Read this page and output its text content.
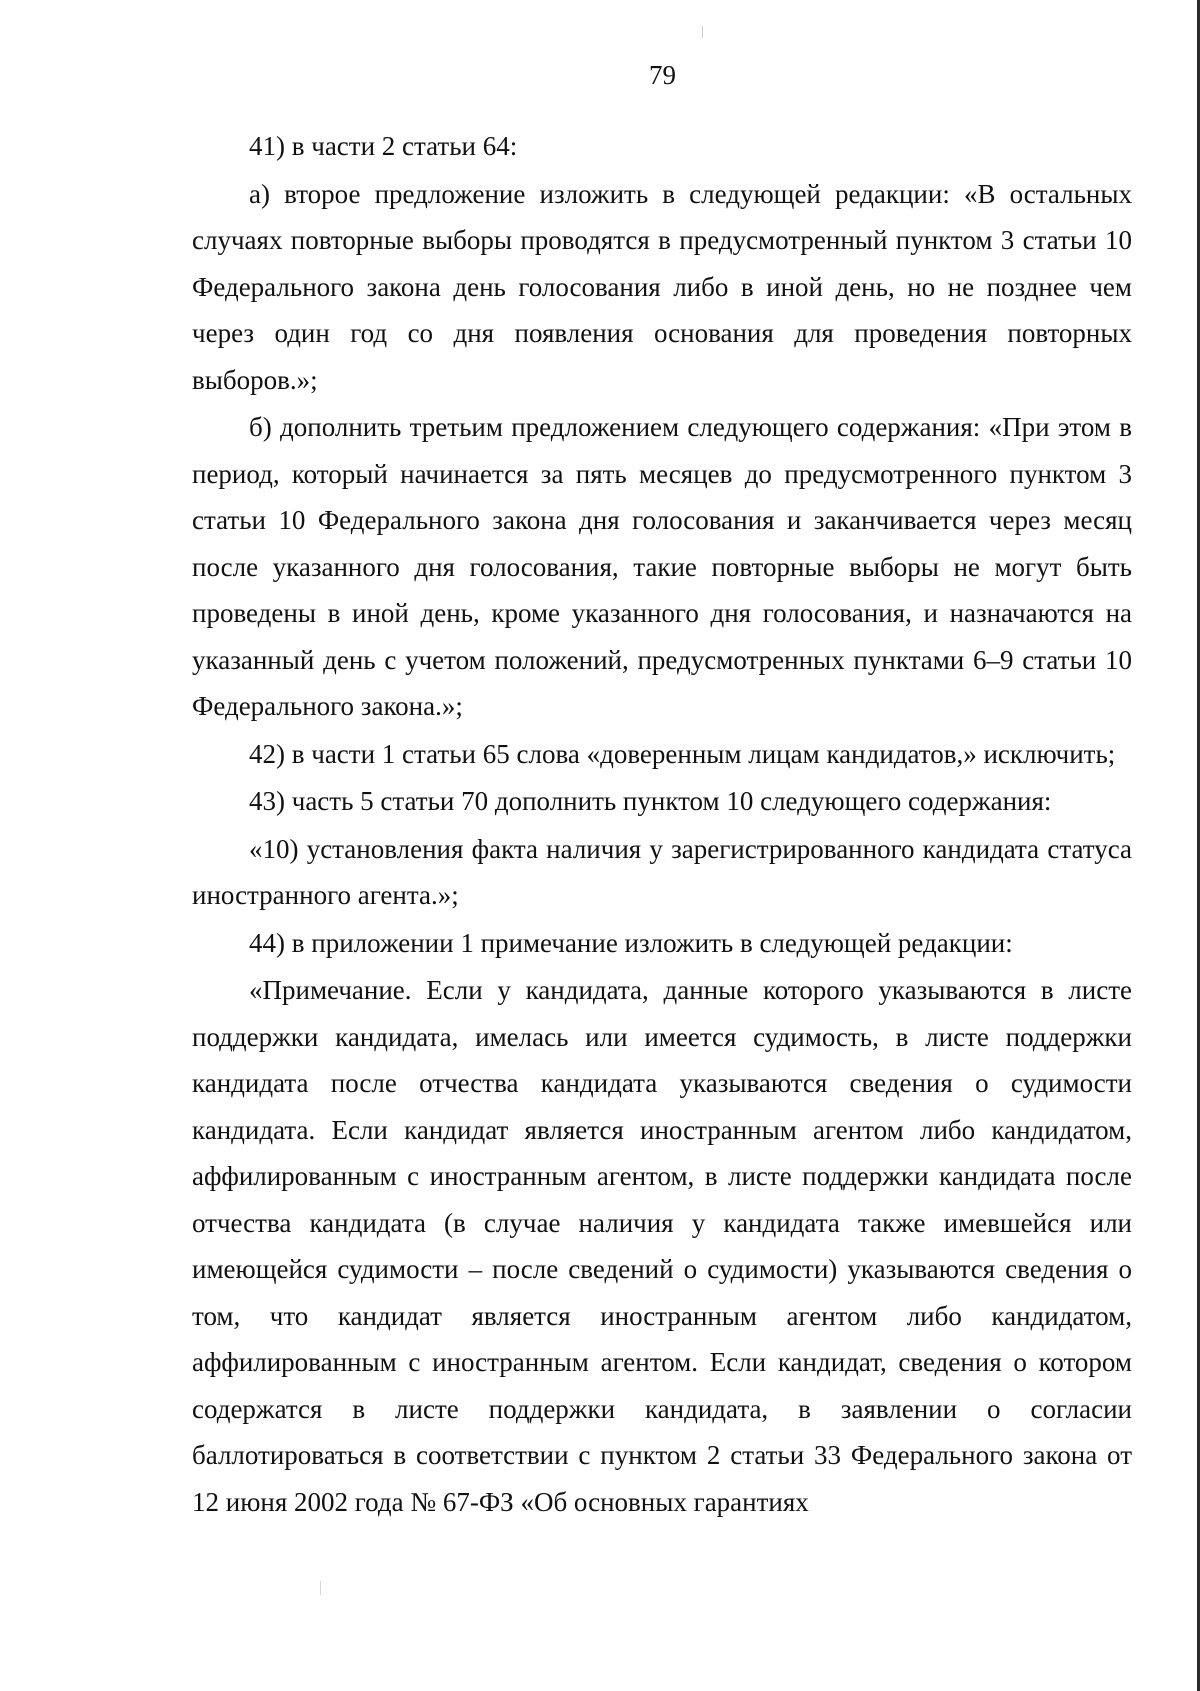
79

41) в части 2 статьи 64:

а) второе предложение изложить в следующей редакции: «В остальных случаях повторные выборы проводятся в предусмотренный пунктом 3 статьи 10 Федерального закона день голосования либо в иной день, но не позднее чем через один год со дня появления основания для проведения повторных выборов.»;

б) дополнить третьим предложением следующего содержания: «При этом в период, который начинается за пять месяцев до предусмотренного пунктом 3 статьи 10 Федерального закона дня голосования и заканчивается через месяц после указанного дня голосования, такие повторные выборы не могут быть проведены в иной день, кроме указанного дня голосования, и назначаются на указанный день с учетом положений, предусмотренных пунктами 6–9 статьи 10 Федерального закона.»;

42) в части 1 статьи 65 слова «доверенным лицам кандидатов,» исключить;

43) часть 5 статьи 70 дополнить пунктом 10 следующего содержания:

«10) установления факта наличия у зарегистрированного кандидата статуса иностранного агента.»;

44) в приложении 1 примечание изложить в следующей редакции:

«Примечание. Если у кандидата, данные которого указываются в листе поддержки кандидата, имелась или имеется судимость, в листе поддержки кандидата после отчества кандидата указываются сведения о судимости кандидата. Если кандидат является иностранным агентом либо кандидатом, аффилированным с иностранным агентом, в листе поддержки кандидата после отчества кандидата (в случае наличия у кандидата также имевшейся или имеющейся судимости – после сведений о судимости) указываются сведения о том, что кандидат является иностранным агентом либо кандидатом, аффилированным с иностранным агентом. Если кандидат, сведения о котором содержатся в листе поддержки кандидата, в заявлении о согласии баллотироваться в соответствии с пунктом 2 статьи 33 Федерального закона от 12 июня 2002 года № 67-ФЗ «Об основных гарантиях
